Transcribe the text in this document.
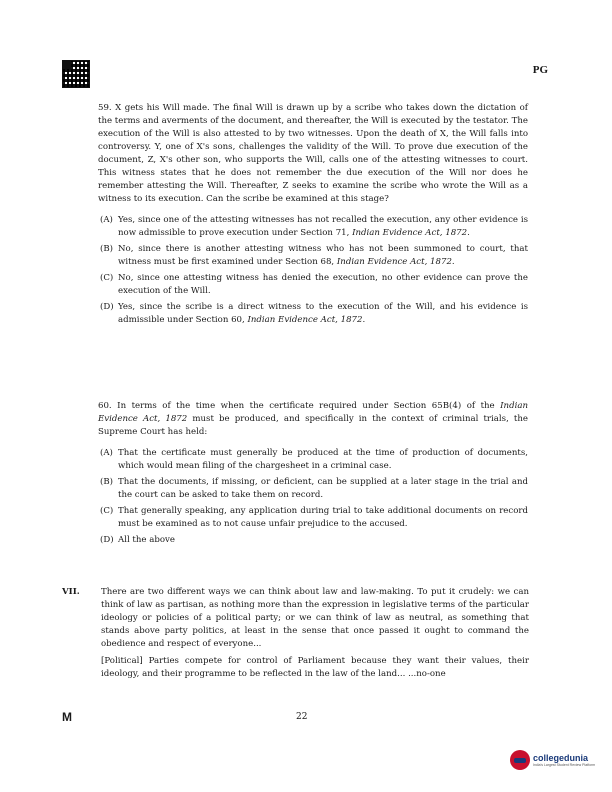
PG
59. X gets his Will made. The final Will is drawn up by a scribe who takes down the dictation of the terms and averments of the document, and thereafter, the Will is executed by the testator. The execution of the Will is also attested to by two witnesses. Upon the death of X, the Will falls into controversy. Y, one of X's sons, challenges the validity of the Will. To prove due execution of the document, Z, X's other son, who supports the Will, calls one of the attesting witnesses to court. This witness states that he does not remember the due execution of the Will nor does he remember attesting the Will. Thereafter, Z seeks to examine the scribe who wrote the Will as a witness to its execution. Can the scribe be examined at this stage?
(A) Yes, since one of the attesting witnesses has not recalled the execution, any other evidence is now admissible to prove execution under Section 71, Indian Evidence Act, 1872.
(B) No, since there is another attesting witness who has not been summoned to court, that witness must be first examined under Section 68, Indian Evidence Act, 1872.
(C) No, since one attesting witness has denied the execution, no other evidence can prove the execution of the Will.
(D) Yes, since the scribe is a direct witness to the execution of the Will, and his evidence is admissible under Section 60, Indian Evidence Act, 1872.
60. In terms of the time when the certificate required under Section 65B(4) of the Indian Evidence Act, 1872 must be produced, and specifically in the context of criminal trials, the Supreme Court has held:
(A) That the certificate must generally be produced at the time of production of documents, which would mean filing of the chargesheet in a criminal case.
(B) That the documents, if missing, or deficient, can be supplied at a later stage in the trial and the court can be asked to take them on record.
(C) That generally speaking, any application during trial to take additional documents on record must be examined as to not cause unfair prejudice to the accused.
(D) All the above
VII. There are two different ways we can think about law and law-making. To put it crudely: we can think of law as partisan, as nothing more than the expression in legislative terms of the particular ideology or policies of a political party; or we can think of law as neutral, as something that stands above party politics, at least in the sense that once passed it ought to command the obedience and respect of everyone...

[Political] Parties compete for control of Parliament because they want their values, their ideology, and their programme to be reflected in the law of the land... ...no-one

M	22
collegedunia
India's Largest Student Review Platform
